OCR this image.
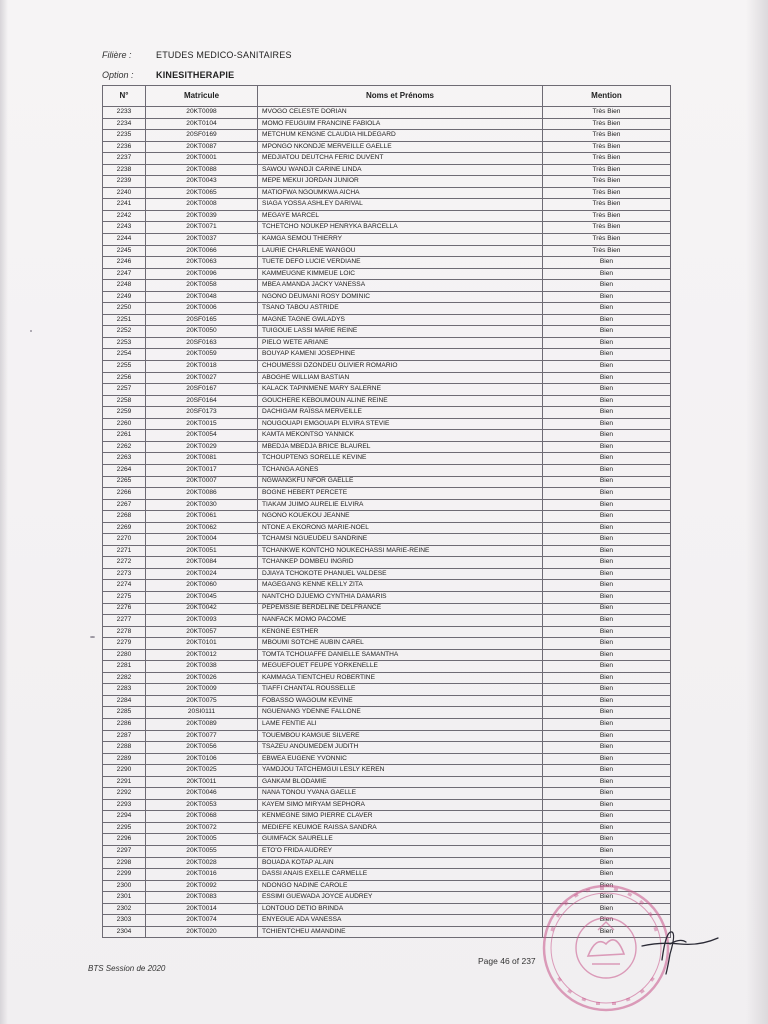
Filière :	ETUDES MEDICO-SANITAIRES
Option :	KINESITHERAPIE
N°	Matricule	Noms et Prénoms	Mention
2233	20KT0098	MVOGO CELESTE DORIAN	Très Bien
2234	20KT0104	MOMO FEUGUIM FRANCINE FABIOLA	Très Bien
2235	20SF0169	METCHUM KENGNE CLAUDIA HILDEGARD	Très Bien
2236	20KT0087	MPONGO NKONDJE MERVEILLE GAELLE	Très Bien
2237	20KT0001	MEDJIATOU DEUTCHA FERIC DUVENT	Très Bien
2238	20KT0088	SAWOU WANDJI CARINE LINDA	Très Bien
2239	20KT0043	MEPE MEKUI JORDAN JUNIOR	Très Bien
2240	20KT0065	MATIOFWA NGOUMKWA AICHA	Très Bien
2241	20KT0008	SIAGA YOSSA ASHLEY DARIVAL	Très Bien
2242	20KT0039	MEGAYE MARCEL	Très Bien
2243	20KT0071	TCHETCHO NOUKEP HENRYKA BARCELLA	Très Bien
2244	20KT0037	KAMGA SEMOU THIERRY	Très Bien
2245	20KT0066	LAURIE CHARLENE WANGOU	Très Bien
2246	20KT0063	TUETE DEFO LUCIE VERDIANE	Bien
2247	20KT0096	KAMMEUGNE KIMMEUE LOIC	Bien
2248	20KT0058	MBEA AMANDA JACKY VANESSA	Bien
2249	20KT0048	NGONO DEUMANI ROSY DOMINIC	Bien
2250	20KT0006	TSANO TABOU ASTRIDE	Bien
2251	20SF0165	MAGNE TAGNE GWLADYS	Bien
2252	20KT0050	TUIGOUE LASSI MARIE REINE	Bien
2253	20SF0163	PIELO WETE ARIANE	Bien
2254	20KT0059	BOUYAP KAMENI JOSEPHINE	Bien
2255	20KT0018	CHOUMESSI DZONDEU OLIVIER ROMARIO	Bien
2256	20KT0027	ABOGHE WILLIAM BASTIAN	Bien
2257	20SF0167	KALACK TAPINMENE MARY SALERNE	Bien
2258	20SF0164	GOUCHERE KEBOUMOUN ALINE REINE	Bien
2259	20SF0173	DACHIGAM RAÏSSA MERVEILLE	Bien
2260	20KT0015	NOUGOUAPI EMGOUAPI ELVIRA STEVIE	Bien
2261	20KT0054	KAMTA MEKONTSO YANNICK	Bien
2262	20KT0029	MBEDJA MBEDJA BRICE BLAUREL	Bien
2263	20KT0081	TCHOUPTENG SORELLE KEVINE	Bien
2264	20KT0017	TCHANGA AGNES	Bien
2265	20KT0007	NGWANGKFU NFOR GAELLE	Bien
2266	20KT0086	BOGNE HEBERT PERCETE	Bien
2267	20KT0030	TIAKAM JUIMO AURELIE ELVIRA	Bien
2268	20KT0061	NGONO KOUEKOU JEANNE	Bien
2269	20KT0062	NTONE A EKORONG MARIE-NOEL	Bien
2270	20KT0004	TCHAMSI NGUEUDEU SANDRINE	Bien
2271	20KT0051	TCHANKWE KONTCHO NOUKECHASSI MARIE-REINE	Bien
2272	20KT0084	TCHANKEP DOMBEU INGRID	Bien
2273	20KT0024	DJIAYA TCHOKOTE PHANUEL VALDESE	Bien
2274	20KT0060	MAGEGANG KENNE KELLY ZITA	Bien
2275	20KT0045	NANTCHO DJUEMO CYNTHIA DAMARIS	Bien
2276	20KT0042	PEPEMSSIE BERDELINE DELFRANCE	Bien
2277	20KT0093	NANFACK MOMO PACOME	Bien
2278	20KT0057	KENGNE ESTHER	Bien
2279	20KT0101	MBOUMI SOTCHE AUBIN CAREL	Bien
2280	20KT0012	TOMTA TCHOUAFFE DANIELLE SAMANTHA	Bien
2281	20KT0038	MEGUEFOUET FEUPE YORKENELLE	Bien
2282	20KT0026	KAMMAGA TIENTCHEU ROBERTINE	Bien
2283	20KT0009	TIAFFI CHANTAL ROUSSELLE	Bien
2284	20KT0075	FOBASSO WAGOUM KEVINE	Bien
2285	20SI0111	NGUENANG YDENNE FALLONE	Bien
2286	20KT0089	LAME FENTIE ALI	Bien
2287	20KT0077	TOUEMBOU KAMGUE SILVERE	Bien
2288	20KT0056	TSAZEU ANOUMEDEM JUDITH	Bien
2289	20KT0106	EBWEA EUGENE YVONNIC	Bien
2290	20KT0025	YAMDJOU TATCHEMGUI LESLY KEREN	Bien
2291	20KT0011	GANKAM BLODAMIE	Bien
2292	20KT0046	NANA TONOU YVANA GAELLE	Bien
2293	20KT0053	KAYEM SIMO MIRYAM SEPHORA	Bien
2294	20KT0068	KENMEGNE SIMO PIERRE CLAVER	Bien
2295	20KT0072	MEDIEFE KEUMOE RAISSA SANDRA	Bien
2296	20KT0005	GUIMFACK SAURELLE	Bien
2297	20KT0055	ETO'O FRIDA AUDREY	Bien
2298	20KT0028	BOUADA KOTAP ALAIN	Bien
2299	20KT0016	DASSI ANAIS EXELLE CARMELLE	Bien
2300	20KT0092	NDONGO NADINE CAROLE	Bien
2301	20KT0083	ESSIMI GUEWADA JOYCE AUDREY	Bien
2302	20KT0014	LONTOUO DETIO BRINDA	Bien
2303	20KT0074	ENYEGUE ADA VANESSA	Bien
2304	20KT0020	TCHIENTCHEU AMANDINE	Bien
BTS Session de 2020
Page 46 of 237
